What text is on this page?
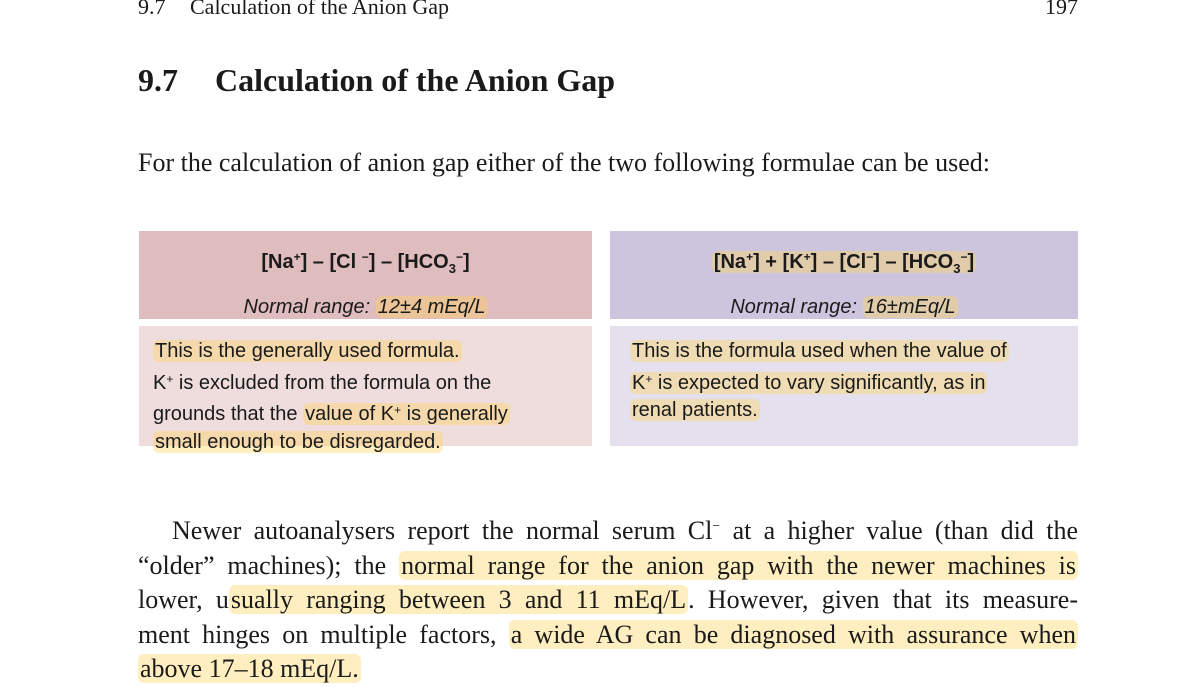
9.7 Calculation of the Anion Gap	197
9.7 Calculation of the Anion Gap
For the calculation of anion gap either of the two following formulae can be used:
[Na+] – [Cl $^-] - [HCO_3^-]$
Normal range: 12±4 mEq/L
This is the generally used formula.
K+ is excluded from the formula on the
grounds that the value of K+ is generally
small enough to be disregarded.
$[Na^+] + [K^+] - [Cl^-] - [HCO_3^-]$
Normal range: 16±mEq/L
This is the formula used when the value of
K+ is expected to vary significantly, as in
renal patients.
Newer autoanalysers report the normal serum Cl− at a higher value (than did the
“older” machines); the normal range for the anion gap with the newer machines is
lower, usually ranging between 3 and 11 mEq/L. However, given that its measure-
ment hinges on multiple factors, a wide AG can be diagnosed with assurance when
above 17–18 mEq/L.
